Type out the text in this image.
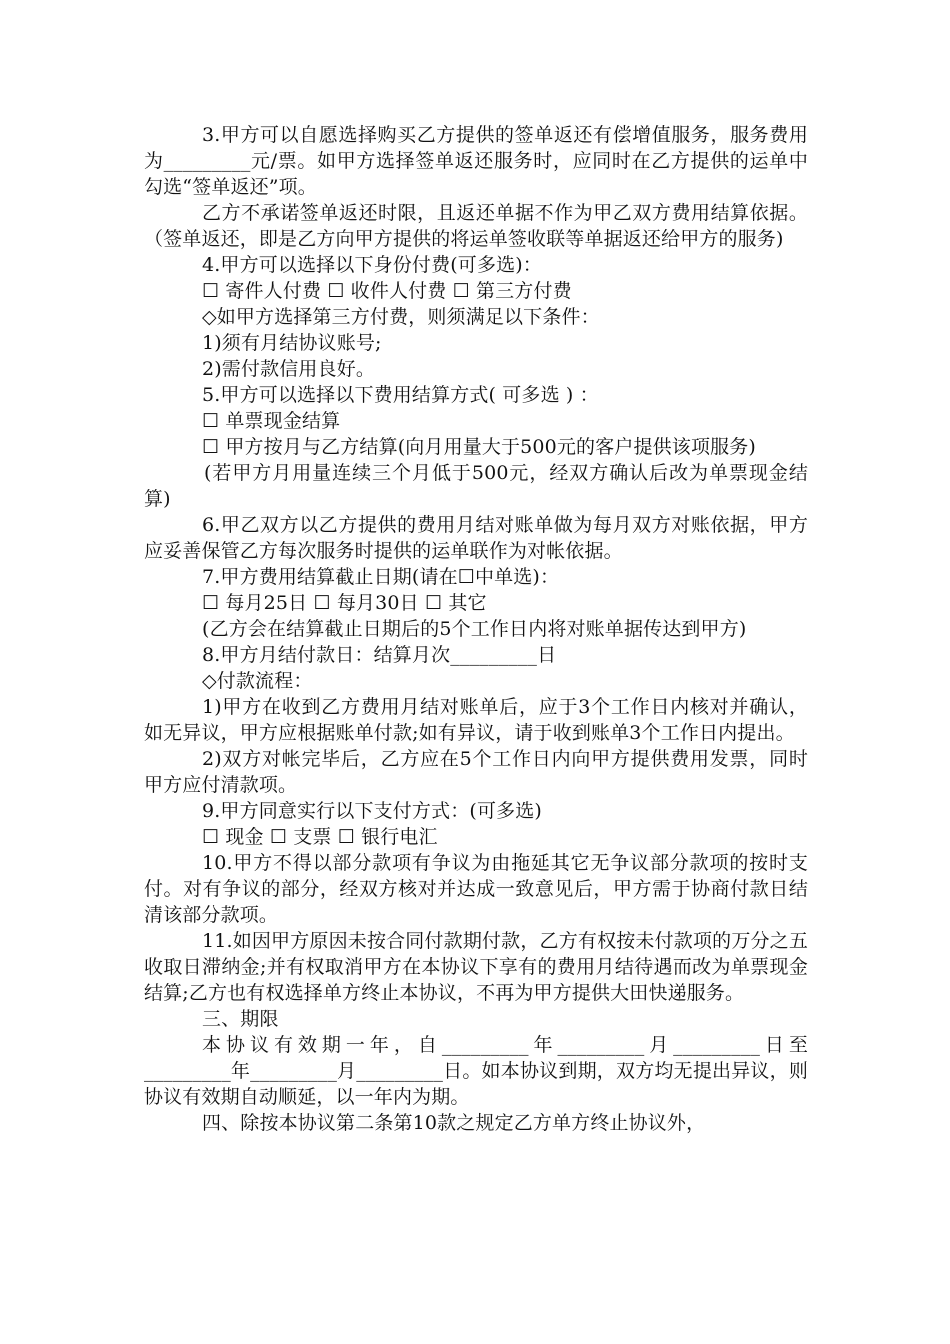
3.甲方可以自愿选择购买乙方提供的签单返还有偿增值服务，服务费用为_________元/票。如甲方选择签单返还服务时，应同时在乙方提供的运单中勾选“签单返还”项。

乙方不承诺签单返还时限，且返还单据不作为甲乙双方费用结算依据。（签单返还，即是乙方向甲方提供的将运单签收联等单据返还给甲方的服务)

4.甲方可以选择以下身份付费(可多选)：

☐ 寄件人付费 ☐ 收件人付费 ☐ 第三方付费

◇如甲方选择第三方付费，则须满足以下条件：

1)须有月结协议账号;

2)需付款信用良好。

5.甲方可以选择以下费用结算方式( 可多选 ) ：

☐ 单票现金结算

☐ 甲方按月与乙方结算(向月用量大于500元的客户提供该项服务)

(若甲方月用量连续三个月低于500元，经双方确认后改为单票现金结算)

6.甲乙双方以乙方提供的费用月结对账单做为每月双方对账依据，甲方应妥善保管乙方每次服务时提供的运单联作为对帐依据。

7.甲方费用结算截止日期(请在☐中单选)：

☐ 每月25日 ☐ 每月30日 ☐ 其它

(乙方会在结算截止日期后的5个工作日内将对账单据传达到甲方)

8.甲方月结付款日：结算月次_________日

◇付款流程：

1)甲方在收到乙方费用月结对账单后，应于3个工作日内核对并确认，如无异议，甲方应根据账单付款;如有异议，请于收到账单3个工作日内提出。

2)双方对帐完毕后，乙方应在5个工作日内向甲方提供费用发票，同时甲方应付清款项。

9.甲方同意实行以下支付方式：(可多选)

☐ 现金 ☐ 支票 ☐ 银行电汇

10.甲方不得以部分款项有争议为由拖延其它无争议部分款项的按时支付。对有争议的部分，经双方核对并达成一致意见后，甲方需于协商付款日结清该部分款项。

11.如因甲方原因未按合同付款期付款，乙方有权按未付款项的万分之五收取日滞纳金;并有权取消甲方在本协议下享有的费用月结待遇而改为单票现金结算;乙方也有权选择单方终止本协议，不再为甲方提供大田快递服务。

三、期限

本协议有效期一年，自_________年_________月_________日至_________年_________月_________日。如本协议到期，双方均无提出异议，则协议有效期自动顺延，以一年内为期。

四、除按本协议第二条第10款之规定乙方单方终止协议外，
